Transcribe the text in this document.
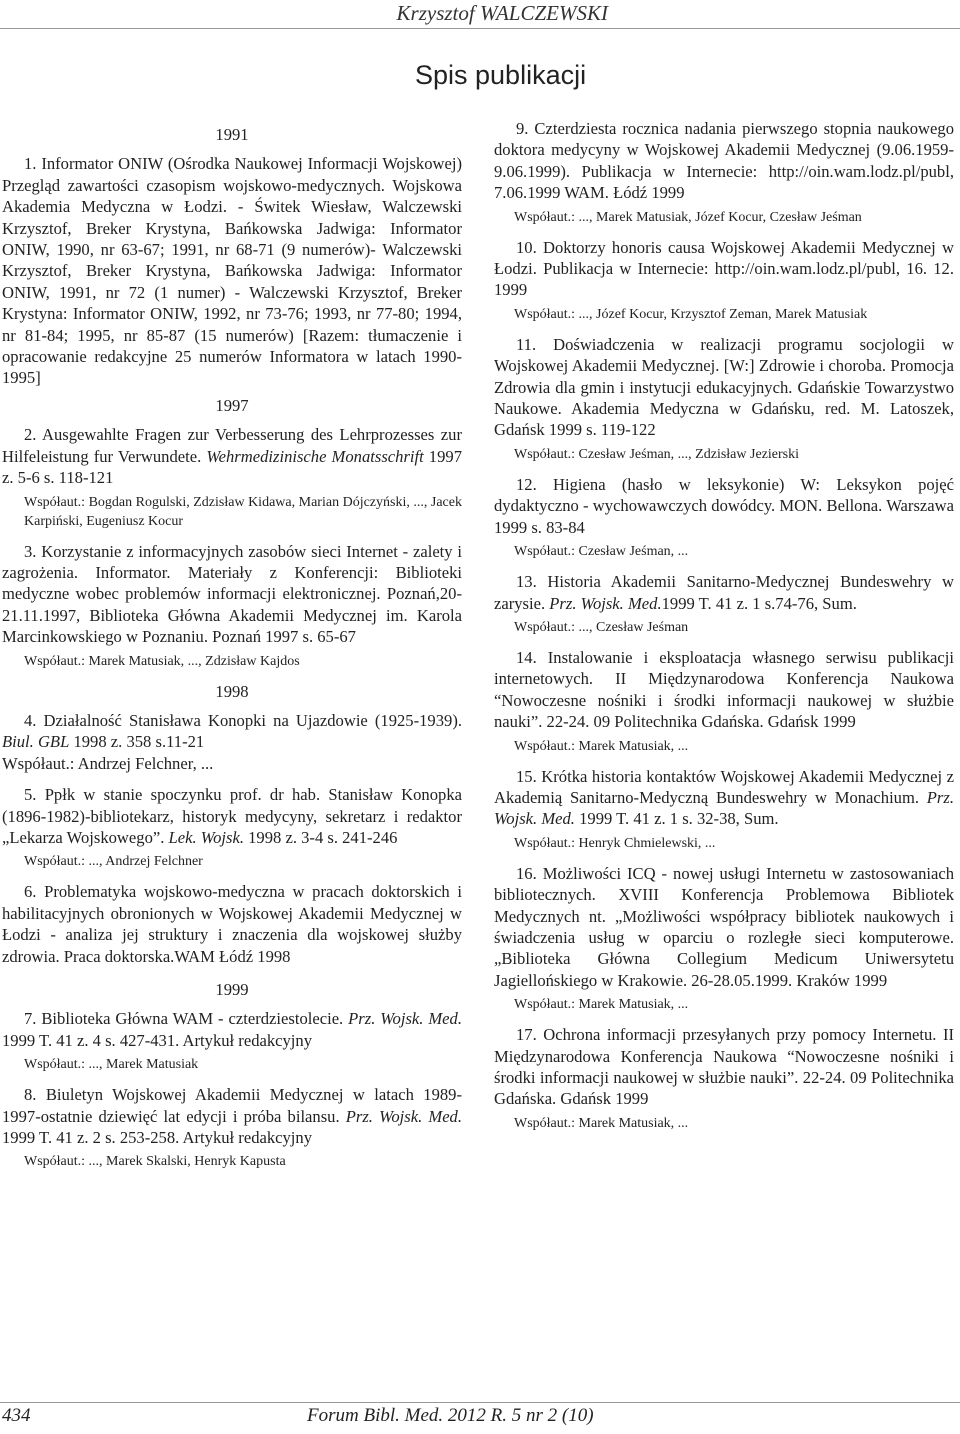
Krzysztof WALCZEWSKI
Spis publikacji

1991

1. Informator ONIW (Ośrodka Naukowej Informacji Wojskowej) Przegląd zawartości czasopism wojskowo-medycznych. Wojskowa Akademia Medyczna w Łodzi. - Świtek Wiesław, Walczewski Krzysztof, Breker Krystyna, Bańkowska Jadwiga: Informator ONIW, 1990, nr 63-67; 1991, nr 68-71 (9 numerów)- Walczewski Krzysztof, Breker Krystyna, Bańkowska Jadwiga: Informator ONIW, 1991, nr 72 (1 numer) - Walczewski Krzysztof, Breker Krystyna: Informator ONIW, 1992, nr 73-76; 1993, nr 77-80; 1994, nr 81-84; 1995, nr 85-87 (15 numerów) [Razem: tłumaczenie i opracowanie redakcyjne 25 numerów Informatora w latach 1990-1995]

1997

2. Ausgewahlte Fragen zur Verbesserung des Lehrprozesses zur Hilfeleistung fur Verwundete. Wehrmedizinische Monatsschrift 1997 z. 5-6 s. 118-121

Współaut.: Bogdan Rogulski, Zdzisław Kidawa, Marian Dójczyński, ..., Jacek Karpiński, Eugeniusz Kocur

3. Korzystanie z informacyjnych zasobów sieci Internet - zalety i zagrożenia. Informator. Materiały z Konferencji: Biblioteki medyczne wobec problemów informacji elektronicznej. Poznań,20-21.11.1997, Biblioteka Główna Akademii Medycznej im. Karola Marcinkowskiego w Poznaniu. Poznań 1997 s. 65-67

Współaut.: Marek Matusiak, ..., Zdzisław Kajdos

1998

4. Działalność Stanisława Konopki na Ujazdowie (1925-1939). Biul. GBL 1998 z. 358 s.11-21

Współaut.: Andrzej Felchner, ...

5. Ppłk w stanie spoczynku prof. dr hab. Stanisław Konopka (1896-1982)-bibliotekarz, historyk medycyny, sekretarz i redaktor „Lekarza Wojskowego”. Lek. Wojsk. 1998 z. 3-4 s. 241-246

Współaut.: ..., Andrzej Felchner

6. Problematyka wojskowo-medyczna w pracach doktorskich i habilitacyjnych obronionych w Wojskowej Akademii Medycznej w Łodzi - analiza jej struktury i znaczenia dla wojskowej służby zdrowia. Praca doktorska.WAM Łódź 1998

1999

7. Biblioteka Główna WAM - czterdziestolecie. Prz. Wojsk. Med. 1999 T. 41 z. 4 s. 427-431. Artykuł redakcyjny

Współaut.: ..., Marek Matusiak

8. Biuletyn Wojskowej Akademii Medycznej w latach 1989-1997-ostatnie dziewięć lat edycji i próba bilansu. Prz. Wojsk. Med. 1999 T. 41 z. 2 s. 253-258. Artykuł redakcyjny

Współaut.: ..., Marek Skalski, Henryk Kapusta

9. Czterdziesta rocznica nadania pierwszego stopnia naukowego doktora medycyny w Wojskowej Akademii Medycznej (9.06.1959-9.06.1999). Publikacja w Internecie: http://oin.wam.lodz.pl/publ, 7.06.1999 WAM. Łódź 1999

Współaut.: ..., Marek Matusiak, Józef Kocur, Czesław Jeśman

10. Doktorzy honoris causa Wojskowej Akademii Medycznej w Łodzi. Publikacja w Internecie: http://oin.wam.lodz.pl/publ, 16. 12. 1999

Współaut.: ..., Józef Kocur, Krzysztof Zeman, Marek Matusiak

11. Doświadczenia w realizacji programu socjologii w Wojskowej Akademii Medycznej. [W:] Zdrowie i choroba. Promocja Zdrowia dla gmin i instytucji edukacyjnych. Gdańskie Towarzystwo Naukowe. Akademia Medyczna w Gdańsku, red. M. Latoszek, Gdańsk 1999 s. 119-122

Współaut.: Czesław Jeśman, ..., Zdzisław Jezierski

12. Higiena (hasło w leksykonie) W: Leksykon pojęć dydaktyczno - wychowawczych dowódcy. MON. Bellona. Warszawa 1999 s. 83-84

Współaut.: Czesław Jeśman, ...

13. Historia Akademii Sanitarno-Medycznej Bundeswehry w zarysie. Prz. Wojsk. Med.1999 T. 41 z. 1 s.74-76, Sum.

Współaut.: ..., Czesław Jeśman

14. Instalowanie i eksploatacja własnego serwisu publikacji internetowych. II Międzynarodowa Konferencja Naukowa “Nowoczesne nośniki i środki informacji naukowej w służbie nauki”. 22-24. 09 Politechnika Gdańska. Gdańsk 1999

Współaut.: Marek Matusiak, ...

15. Krótka historia kontaktów Wojskowej Akademii Medycznej z Akademią Sanitarno-Medyczną Bundeswehry w Monachium. Prz. Wojsk. Med. 1999 T. 41 z. 1 s. 32-38, Sum.

Współaut.: Henryk Chmielewski, ...

16. Możliwości ICQ - nowej usługi Internetu w zastosowaniach bibliotecznych. XVIII Konferencja Problemowa Bibliotek Medycznych nt. „Możliwości współpracy bibliotek naukowych i świadczenia usług w oparciu o rozległe sieci komputerowe. „Biblioteka Główna Collegium Medicum Uniwersytetu Jagiellońskiego w Krakowie. 26-28.05.1999. Kraków 1999

Współaut.: Marek Matusiak, ...

17. Ochrona informacji przesyłanych przy pomocy Internetu. II Międzynarodowa Konferencja Naukowa “Nowoczesne nośniki i środki informacji naukowej w służbie nauki”. 22-24. 09 Politechnika Gdańska. Gdańsk 1999

Współaut.: Marek Matusiak, ...

434	Forum Bibl. Med. 2012 R. 5 nr 2 (10)
